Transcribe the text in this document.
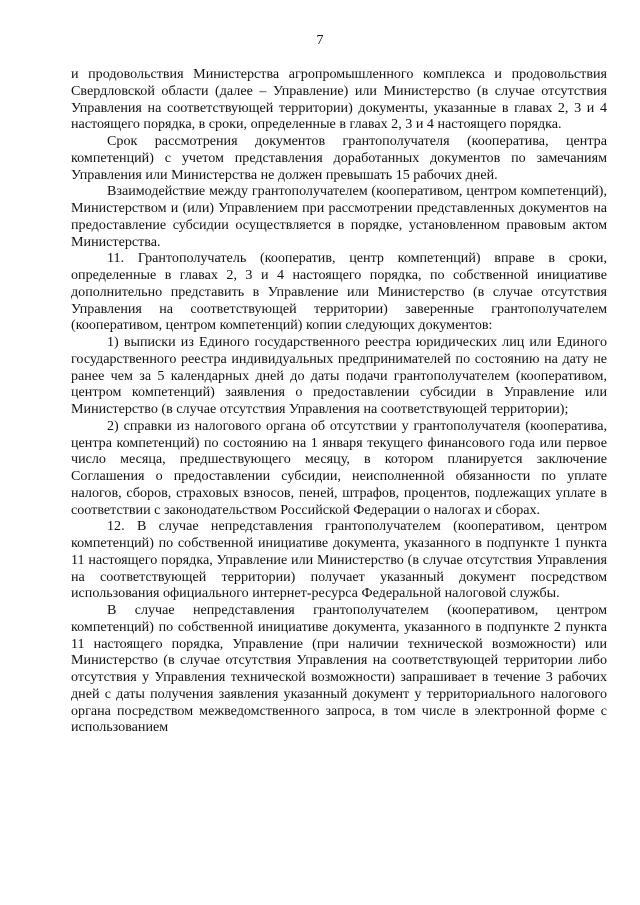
7

и продовольствия Министерства агропромышленного комплекса и продовольствия Свердловской области (далее – Управление) или Министерство (в случае отсутствия Управления на соответствующей территории) документы, указанные в главах 2, 3 и 4 настоящего порядка, в сроки, определенные в главах 2, 3 и 4 настоящего порядка.

Срок рассмотрения документов грантополучателя (кооператива, центра компетенций) с учетом представления доработанных документов по замечаниям Управления или Министерства не должен превышать 15 рабочих дней.

Взаимодействие между грантополучателем (кооперативом, центром компетенций), Министерством и (или) Управлением при рассмотрении представленных документов на предоставление субсидии осуществляется в порядке, установленном правовым актом Министерства.

11. Грантополучатель (кооператив, центр компетенций) вправе в сроки, определенные в главах 2, 3 и 4 настоящего порядка, по собственной инициативе дополнительно представить в Управление или Министерство (в случае отсутствия Управления на соответствующей территории) заверенные грантополучателем (кооперативом, центром компетенций) копии следующих документов:

1) выписки из Единого государственного реестра юридических лиц или Единого государственного реестра индивидуальных предпринимателей по состоянию на дату не ранее чем за 5 календарных дней до даты подачи грантополучателем (кооперативом, центром компетенций) заявления о предоставлении субсидии в Управление или Министерство (в случае отсутствия Управления на соответствующей территории);

2) справки из налогового органа об отсутствии у грантополучателя (кооператива, центра компетенций) по состоянию на 1 января текущего финансового года или первое число месяца, предшествующего месяцу, в котором планируется заключение Соглашения о предоставлении субсидии, неисполненной обязанности по уплате налогов, сборов, страховых взносов, пеней, штрафов, процентов, подлежащих уплате в соответствии с законодательством Российской Федерации о налогах и сборах.

12. В случае непредставления грантополучателем (кооперативом, центром компетенций) по собственной инициативе документа, указанного в подпункте 1 пункта 11 настоящего порядка, Управление или Министерство (в случае отсутствия Управления на соответствующей территории) получает указанный документ посредством использования официального интернет-ресурса Федеральной налоговой службы.

В случае непредставления грантополучателем (кооперативом, центром компетенций) по собственной инициативе документа, указанного в подпункте 2 пункта 11 настоящего порядка, Управление (при наличии технической возможности) или Министерство (в случае отсутствия Управления на соответствующей территории либо отсутствия у Управления технической возможности) запрашивает в течение 3 рабочих дней с даты получения заявления указанный документ у территориального налогового органа посредством межведомственного запроса, в том числе в электронной форме с использованием
